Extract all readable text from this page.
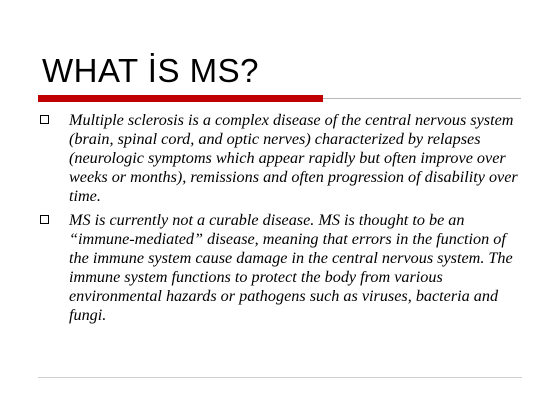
WHAT İS MS?
Multiple sclerosis is a complex disease of the central nervous system (brain, spinal cord, and optic nerves) characterized by relapses (neurologic symptoms which appear rapidly but often improve over weeks or months), remissions and often progression of disability over time.
MS is currently not a curable disease. MS is thought to be an “immune-mediated” disease, meaning that errors in the function of the immune system cause damage in the central nervous system. The immune system functions to protect the body from various environmental hazards or pathogens such as viruses, bacteria and fungi.
